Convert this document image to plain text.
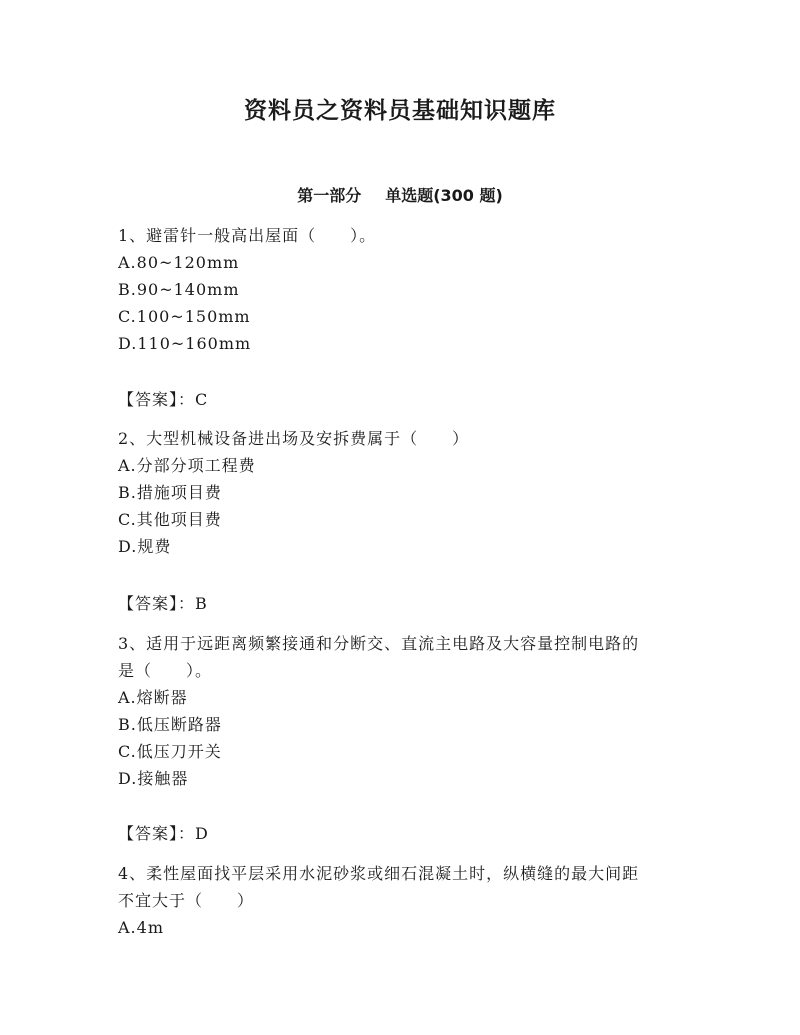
资料员之资料员基础知识题库
第一部分 单选题(300 题)
1、避雷针一般高出屋面（　　）。
A.80~120mm
B.90~140mm
C.100~150mm
D.110~160mm
【答案】：C
2、大型机械设备进出场及安拆费属于（　　）
A.分部分项工程费
B.措施项目费
C.其他项目费
D.规费
【答案】：B
3、适用于远距离频繁接通和分断交、直流主电路及大容量控制电路的
是（　　）。
A.熔断器
B.低压断路器
C.低压刀开关
D.接触器
【答案】：D
4、柔性屋面找平层采用水泥砂浆或细石混凝土时，纵横缝的最大间距
不宜大于（　　）
A.4m
